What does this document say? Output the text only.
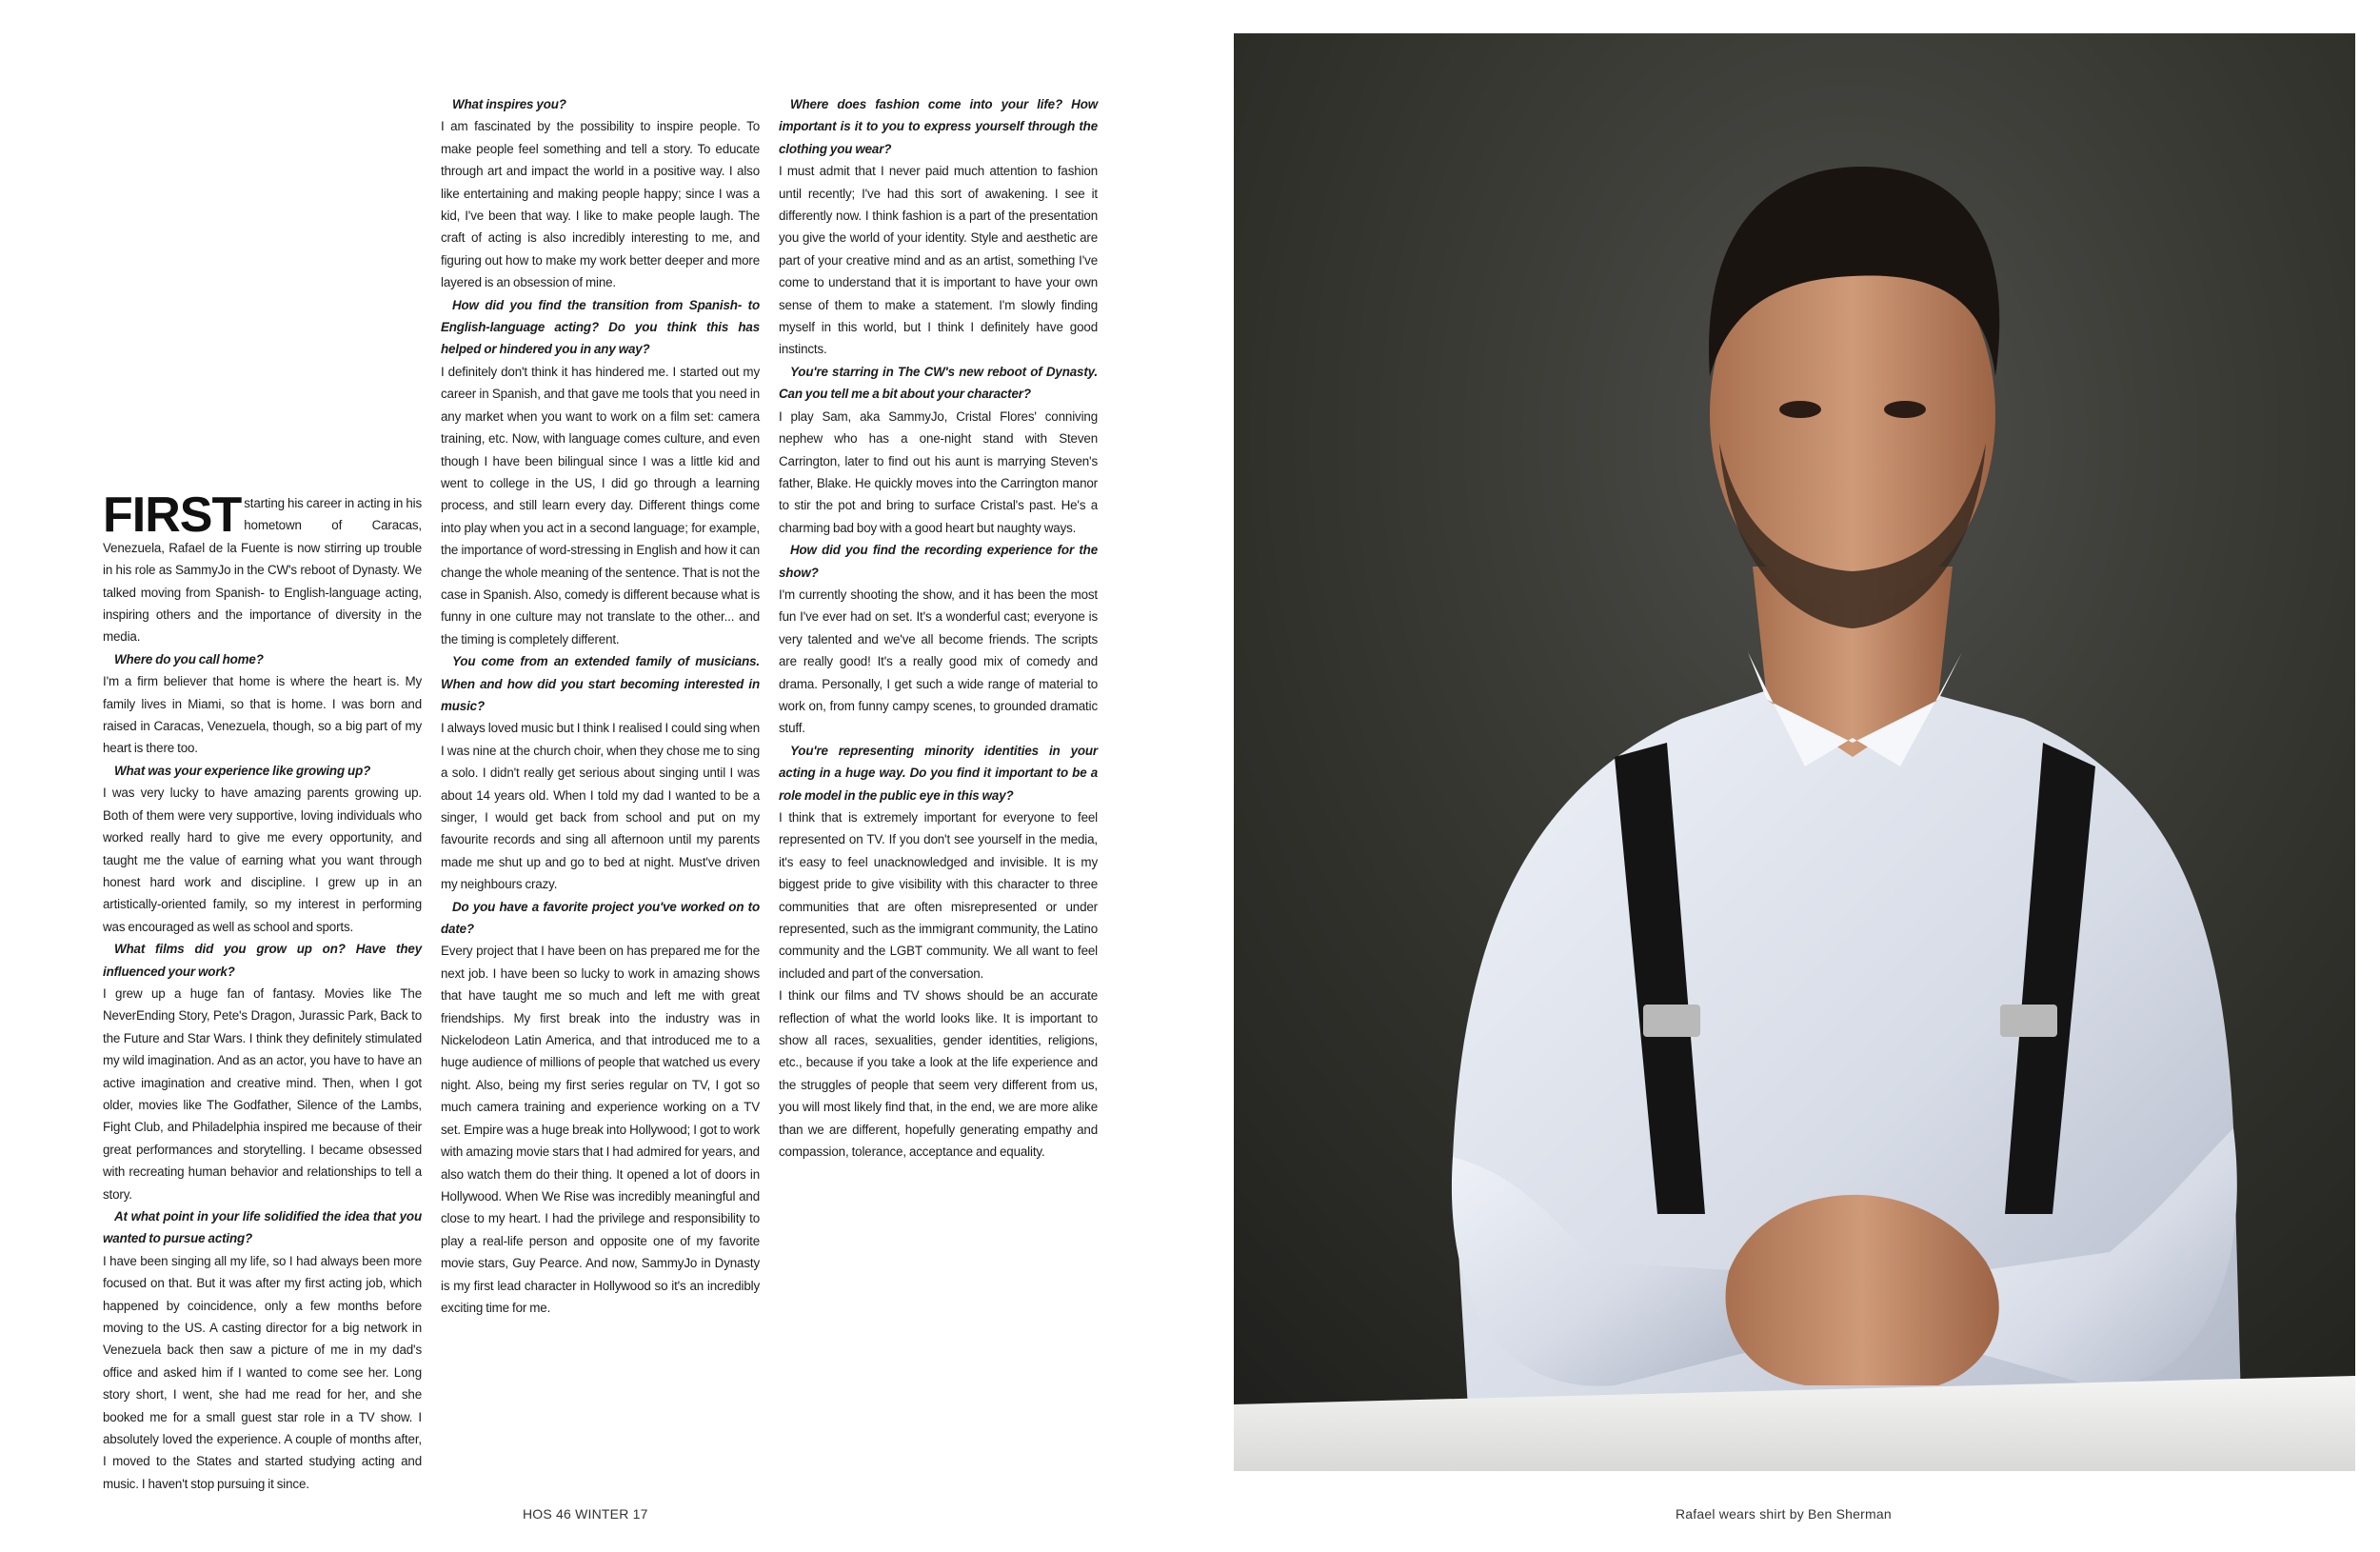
FIRST starting his career in acting in his hometown of Caracas, Venezuela, Rafael de la Fuente is now stirring up trouble in his role as SammyJo in the CW's reboot of Dynasty. We talked moving from Spanish- to English-language acting, inspiring others and the importance of diversity in the media.

Where do you call home?

I'm a firm believer that home is where the heart is. My family lives in Miami, so that is home. I was born and raised in Caracas, Venezuela, though, so a big part of my heart is there too.

What was your experience like growing up?

I was very lucky to have amazing parents growing up. Both of them were very supportive, loving individuals who worked really hard to give me every opportunity, and taught me the value of earning what you want through honest hard work and discipline. I grew up in an artistically-oriented family, so my interest in performing was encouraged as well as school and sports.

What films did you grow up on? Have they influenced your work?

I grew up a huge fan of fantasy. Movies like The NeverEnding Story, Pete's Dragon, Jurassic Park, Back to the Future and Star Wars. I think they definitely stimulated my wild imagination. And as an actor, you have to have an active imagination and creative mind. Then, when I got older, movies like The Godfather, Silence of the Lambs, Fight Club, and Philadelphia inspired me because of their great performances and storytelling. I became obsessed with recreating human behavior and relationships to tell a story.

At what point in your life solidified the idea that you wanted to pursue acting?

I have been singing all my life, so I had always been more focused on that. But it was after my first acting job, which happened by coincidence, only a few months before moving to the US. A casting director for a big network in Venezuela back then saw a picture of me in my dad's office and asked him if I wanted to come see her. Long story short, I went, she had me read for her, and she booked me for a small guest star role in a TV show. I absolutely loved the experience. A couple of months after, I moved to the States and started studying acting and music. I haven't stop pursuing it since.

What inspires you?

I am fascinated by the possibility to inspire people. To make people feel something and tell a story. To educate through art and impact the world in a positive way. I also like entertaining and making people happy; since I was a kid, I've been that way. I like to make people laugh. The craft of acting is also incredibly interesting to me, and figuring out how to make my work better deeper and more layered is an obsession of mine.

How did you find the transition from Spanish- to English-language acting? Do you think this has helped or hindered you in any way?

I definitely don't think it has hindered me. I started out my career in Spanish, and that gave me tools that you need in any market when you want to work on a film set: camera training, etc. Now, with language comes culture, and even though I have been bilingual since I was a little kid and went to college in the US, I did go through a learning process, and still learn every day. Different things come into play when you act in a second language; for example, the importance of word-stressing in English and how it can change the whole meaning of the sentence. That is not the case in Spanish. Also, comedy is different because what is funny in one culture may not translate to the other... and the timing is completely different.

You come from an extended family of musicians. When and how did you start becoming interested in music?

I always loved music but I think I realised I could sing when I was nine at the church choir, when they chose me to sing a solo. I didn't really get serious about singing until I was about 14 years old. When I told my dad I wanted to be a singer, I would get back from school and put on my favourite records and sing all afternoon until my parents made me shut up and go to bed at night. Must've driven my neighbours crazy.

Do you have a favorite project you've worked on to date?

Every project that I have been on has prepared me for the next job. I have been so lucky to work in amazing shows that have taught me so much and left me with great friendships. My first break into the industry was in Nickelodeon Latin America, and that introduced me to a huge audience of millions of people that watched us every night. Also, being my first series regular on TV, I got so much camera training and experience working on a TV set. Empire was a huge break into Hollywood; I got to work with amazing movie stars that I had admired for years, and also watch them do their thing. It opened a lot of doors in Hollywood. When We Rise was incredibly meaningful and close to my heart. I had the privilege and responsibility to play a real-life person and opposite one of my favorite movie stars, Guy Pearce. And now, SammyJo in Dynasty is my first lead character in Hollywood so it's an incredibly exciting time for me.

Where does fashion come into your life? How important is it to you to express yourself through the clothing you wear?

I must admit that I never paid much attention to fashion until recently; I've had this sort of awakening. I see it differently now. I think fashion is a part of the presentation you give the world of your identity. Style and aesthetic are part of your creative mind and as an artist, something I've come to understand that it is important to have your own sense of them to make a statement. I'm slowly finding myself in this world, but I think I definitely have good instincts.

You're starring in The CW's new reboot of Dynasty. Can you tell me a bit about your character?

I play Sam, aka SammyJo, Cristal Flores' conniving nephew who has a one-night stand with Steven Carrington, later to find out his aunt is marrying Steven's father, Blake. He quickly moves into the Carrington manor to stir the pot and bring to surface Cristal's past. He's a charming bad boy with a good heart but naughty ways.

How did you find the recording experience for the show?

I'm currently shooting the show, and it has been the most fun I've ever had on set. It's a wonderful cast; everyone is very talented and we've all become friends. The scripts are really good! It's a really good mix of comedy and drama. Personally, I get such a wide range of material to work on, from funny campy scenes, to grounded dramatic stuff.

You're representing minority identities in your acting in a huge way. Do you find it important to be a role model in the public eye in this way?

I think that is extremely important for everyone to feel represented on TV. If you don't see yourself in the media, it's easy to feel unacknowledged and invisible. It is my biggest pride to give visibility with this character to three communities that are often misrepresented or under represented, such as the immigrant community, the Latino community and the LGBT community. We all want to feel included and part of the conversation.

I think our films and TV shows should be an accurate reflection of what the world looks like. It is important to show all races, sexualities, gender identities, religions, etc., because if you take a look at the life experience and the struggles of people that seem very different from us, you will most likely find that, in the end, we are more alike than we are different, hopefully generating empathy and compassion, tolerance, acceptance and equality.

HOS 46 WINTER 17	Rafael wears shirt by Ben Sherman
